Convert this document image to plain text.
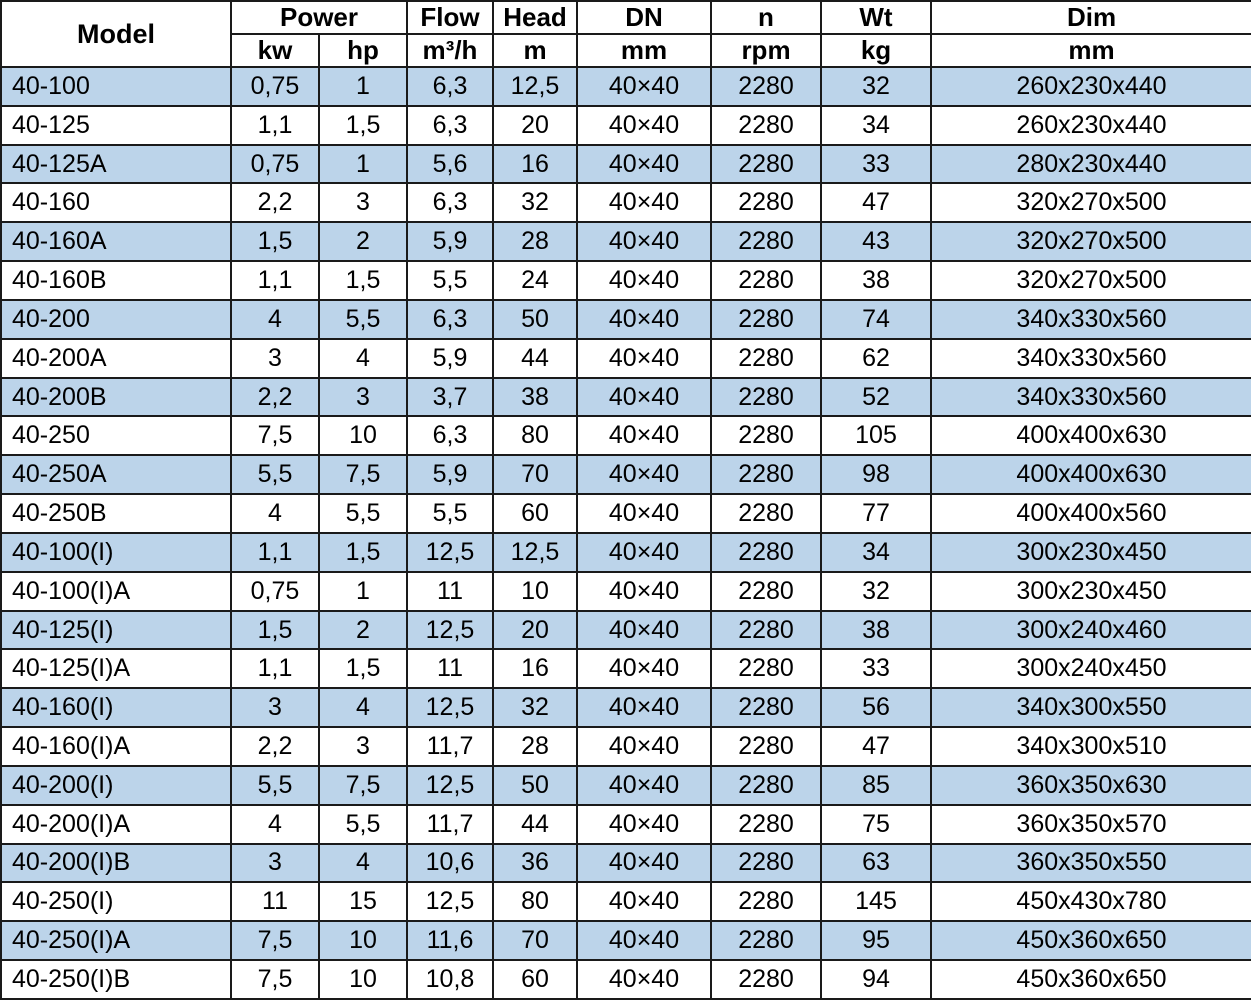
Model	Power		Flow	Head	DN	n	Wt	Dim
	kw	hp	m³/h	m	mm	rpm	kg	mm
40-100	0,75	1	6,3	12,5	40×40	2280	32	260x230x440
40-125	1,1	1,5	6,3	20	40×40	2280	34	260x230x440
40-125A	0,75	1	5,6	16	40×40	2280	33	280x230x440
40-160	2,2	3	6,3	32	40×40	2280	47	320x270x500
40-160A	1,5	2	5,9	28	40×40	2280	43	320x270x500
40-160B	1,1	1,5	5,5	24	40×40	2280	38	320x270x500
40-200	4	5,5	6,3	50	40×40	2280	74	340x330x560
40-200A	3	4	5,9	44	40×40	2280	62	340x330x560
40-200B	2,2	3	3,7	38	40×40	2280	52	340x330x560
40-250	7,5	10	6,3	80	40×40	2280	105	400x400x630
40-250A	5,5	7,5	5,9	70	40×40	2280	98	400x400x630
40-250B	4	5,5	5,5	60	40×40	2280	77	400x400x560
40-100(I)	1,1	1,5	12,5	12,5	40×40	2280	34	300x230x450
40-100(I)A	0,75	1	11	10	40×40	2280	32	300x230x450
40-125(I)	1,5	2	12,5	20	40×40	2280	38	300x240x460
40-125(I)A	1,1	1,5	11	16	40×40	2280	33	300x240x450
40-160(I)	3	4	12,5	32	40×40	2280	56	340x300x550
40-160(I)A	2,2	3	11,7	28	40×40	2280	47	340x300x510
40-200(I)	5,5	7,5	12,5	50	40×40	2280	85	360x350x630
40-200(I)A	4	5,5	11,7	44	40×40	2280	75	360x350x570
40-200(I)B	3	4	10,6	36	40×40	2280	63	360x350x550
40-250(I)	11	15	12,5	80	40×40	2280	145	450x430x780
40-250(I)A	7,5	10	11,6	70	40×40	2280	95	450x360x650
40-250(I)B	7,5	10	10,8	60	40×40	2280	94	450x360x650
